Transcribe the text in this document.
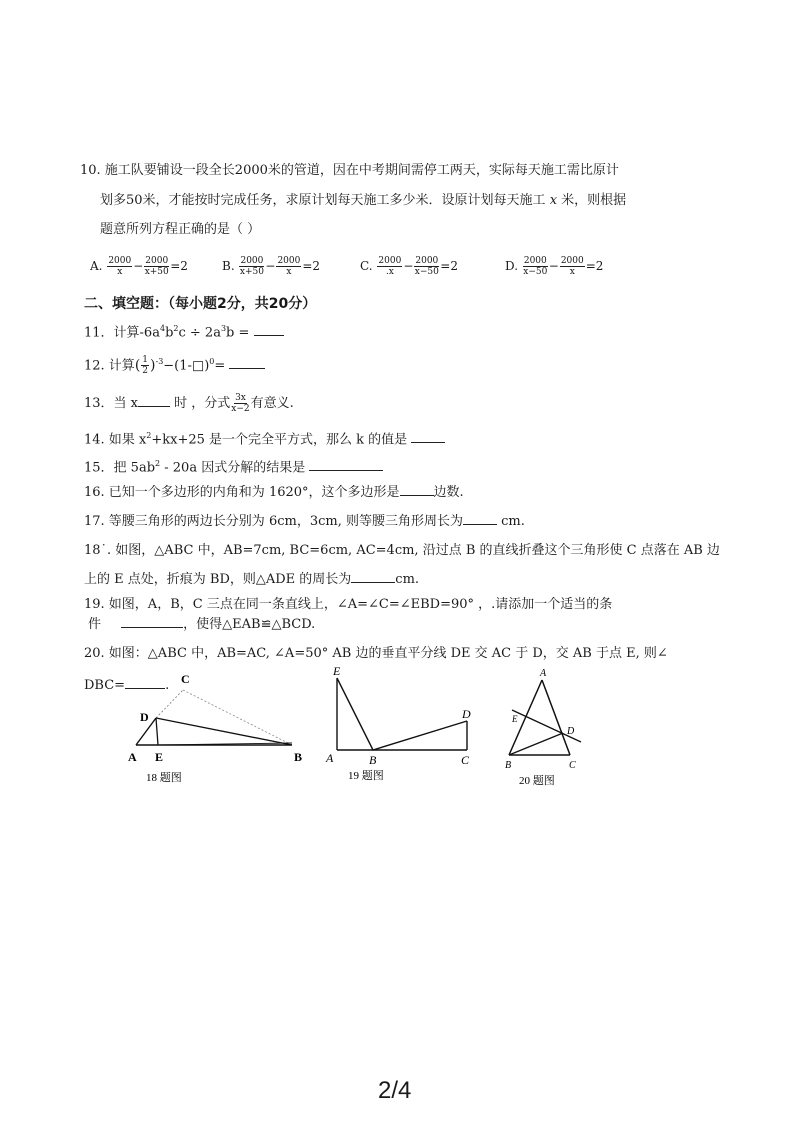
10. 施工队要铺设一段全长2000米的管道，因在中考期间需停工两天，实际每天施工需比原计
划多50米，才能按时完成任务，求原计划每天施工多少米．设原计划每天施工 x 米，则根据
题意所列方程正确的是（ ）
A. $\frac{2000}{x} - \frac{2000}{x+50} =2$	B. $\frac{2000}{x+50} - \frac{2000}{x} =2$	C. $\frac{2000}{.x} - \frac{2000}{x-50} =2$	D. $\frac{2000}{x-50} - \frac{2000}{x} =2$
二、填空题：（每小题2分，共20分）
11．计算$-6a^4b^2c \div 2a^3b$ =
12. 计算( $\frac{1}{2}$ )$^{-3}$−(1-□)$^0$=
13．当 x	时 ，分式 $\frac{3x}{x-2}$ 有意义.
14. 如果 $x^2+kx+25$ 是一个完全平方式，那么 k 的值是
15．把 $5ab^2 - 20a$ 因式分解的结果是
16. 已知一个多边形的内角和为 1620°，这个多边形是	边数.
17. 等腰三角形的两边长分别为 6cm，3cm, 则等腰三角形周长为	cm.
18˙. 如图，△ABC 中，AB=7cm, BC=6cm, AC=4cm, 沿过点 B 的直线折叠这个三角形使 C 点落在 AB 边
上的 E 点处，折痕为 BD，则△ADE 的周长为	cm.
19. 如图，A，B，C 三点在同一条直线上，∠A=∠C=∠EBD=90° ，.请添加一个适当的条
件	，使得△EAB≌△BCD.
20. 如图：△ABC 中，AB=AC, ∠A=50° AB 边的垂直平分线 DE 交 AC 于 D，交 AB 于点 E, 则∠
DBC=	. C
D
A E	B
18 题图
E
D
A	B	C
19 题图
A
E
D
B	C
20 题图
2/4
